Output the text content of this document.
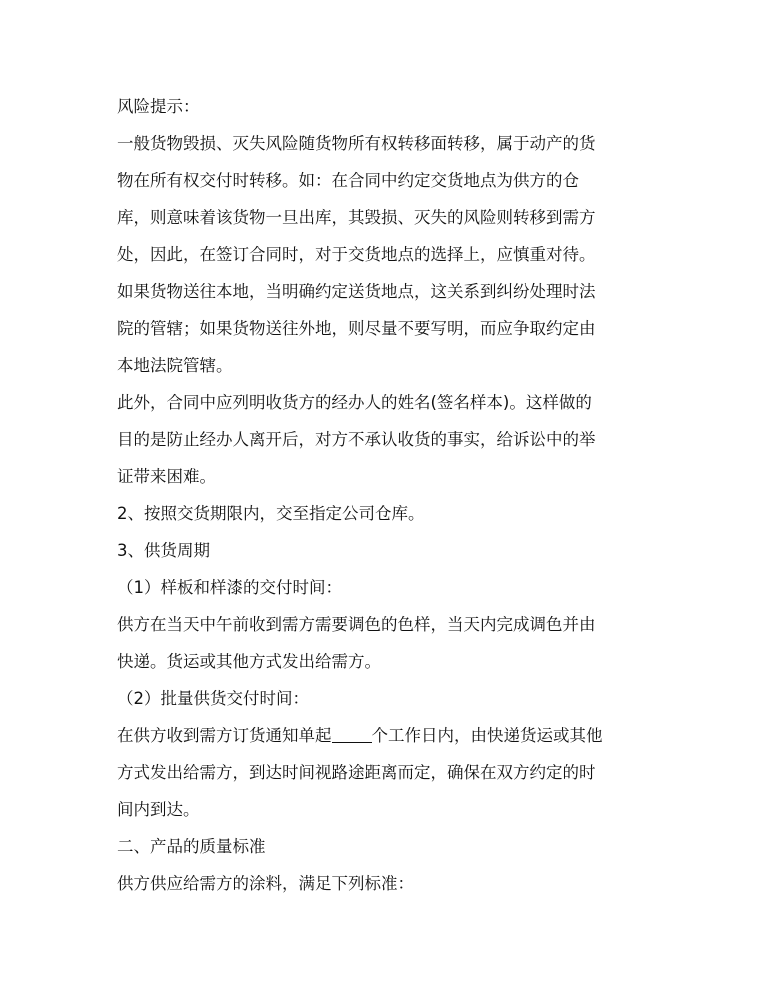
风险提示：

一般货物毁损、灭失风险随货物所有权转移面转移，属于动产的货
物在所有权交付时转移。如：在合同中约定交货地点为供方的仓
库，则意味着该货物一旦出库，其毁损、灭失的风险则转移到需方
处，因此，在签订合同时，对于交货地点的选择上，应慎重对待。
如果货物送往本地，当明确约定送货地点，这关系到纠纷处理时法
院的管辖；如果货物送往外地，则尽量不要写明，而应争取约定由
本地法院管辖。

此外，合同中应列明收货方的经办人的姓名(签名样本)。这样做的
目的是防止经办人离开后，对方不承认收货的事实，给诉讼中的举
证带来困难。

2、按照交货期限内，交至指定公司仓库。

3、供货周期

（1）样板和样漆的交付时间：

供方在当天中午前收到需方需要调色的色样，当天内完成调色并由
快递。货运或其他方式发出给需方。

（2）批量供货交付时间：

在供方收到需方订货通知单起 个工作日内，由快递货运或其他
方式发出给需方，到达时间视路途距离而定，确保在双方约定的时
间内到达。

二、产品的质量标准

供方供应给需方的涂料，满足下列标准：
